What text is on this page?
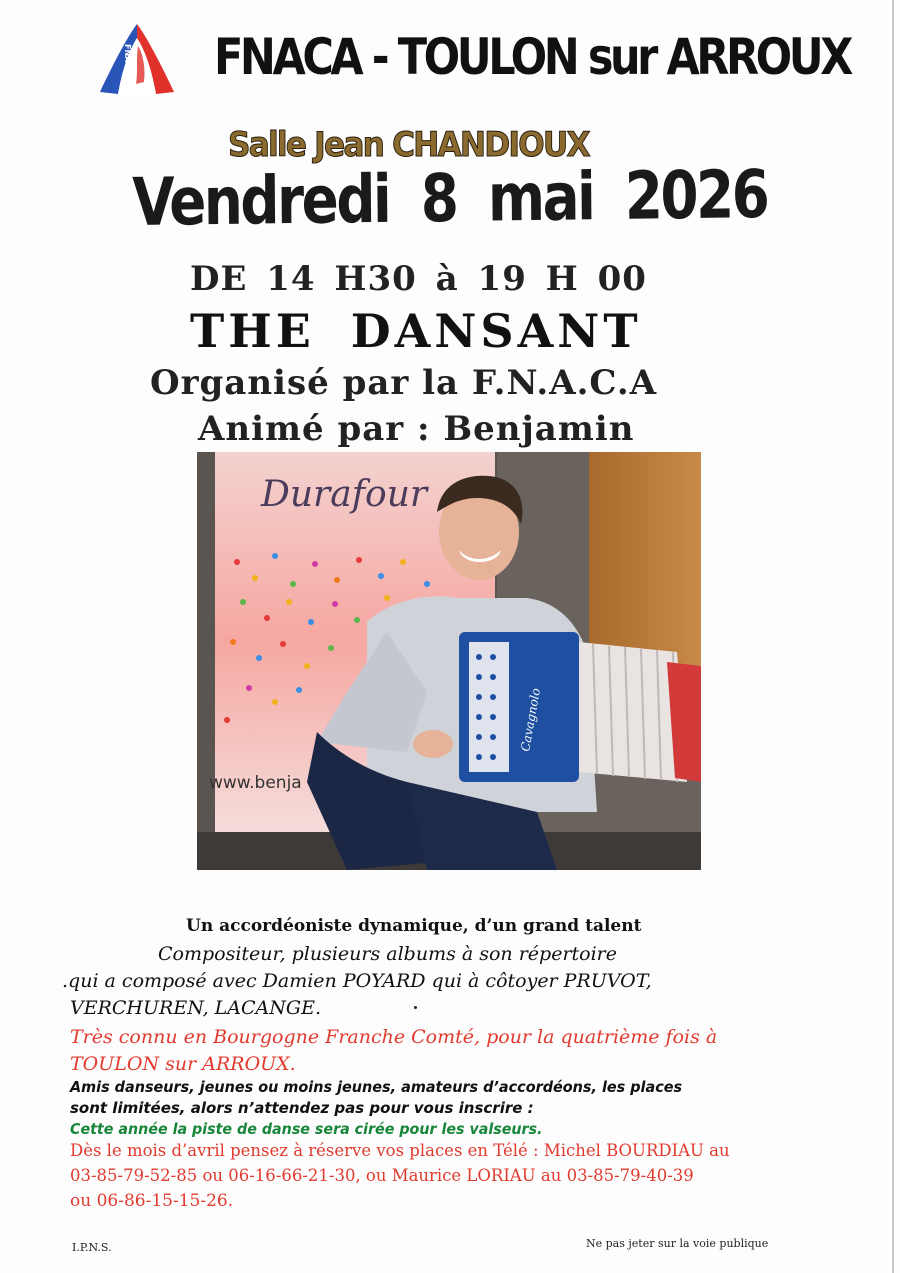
FNACA FNACA - TOULON sur ARROUX
Salle Jean CHANDIOUX
Vendredi 8 mai 2026
DE 14 H30 à 19 H 00
THE DANSANT
Organisé par la F.N.A.C.A
Animé par : Benjamin
Durafour
www.benja
Cavagnolo
Un accordéoniste dynamique, d’un grand talent
Compositeur, plusieurs albums à son répertoire
.qui a composé avec Damien POYARD qui à côtoyer PRUVOT,
VERCHUREN, LACANGE.
Très connu en Bourgogne Franche Comté, pour la quatrième fois à
TOULON sur ARROUX.
Amis danseurs, jeunes ou moins jeunes, amateurs d’accordéons, les places
sont limitées, alors n’attendez pas pour vous inscrire :
Cette année la piste de danse sera cirée pour les valseurs.
Dès le mois d’avril pensez à réserve vos places en Télé : Michel BOURDIAU au
03-85-79-52-85 ou 06-16-66-21-30, ou Maurice LORIAU au 03-85-79-40-39
ou 06-86-15-15-26.
I.P.N.S.	Ne pas jeter sur la voie publique
